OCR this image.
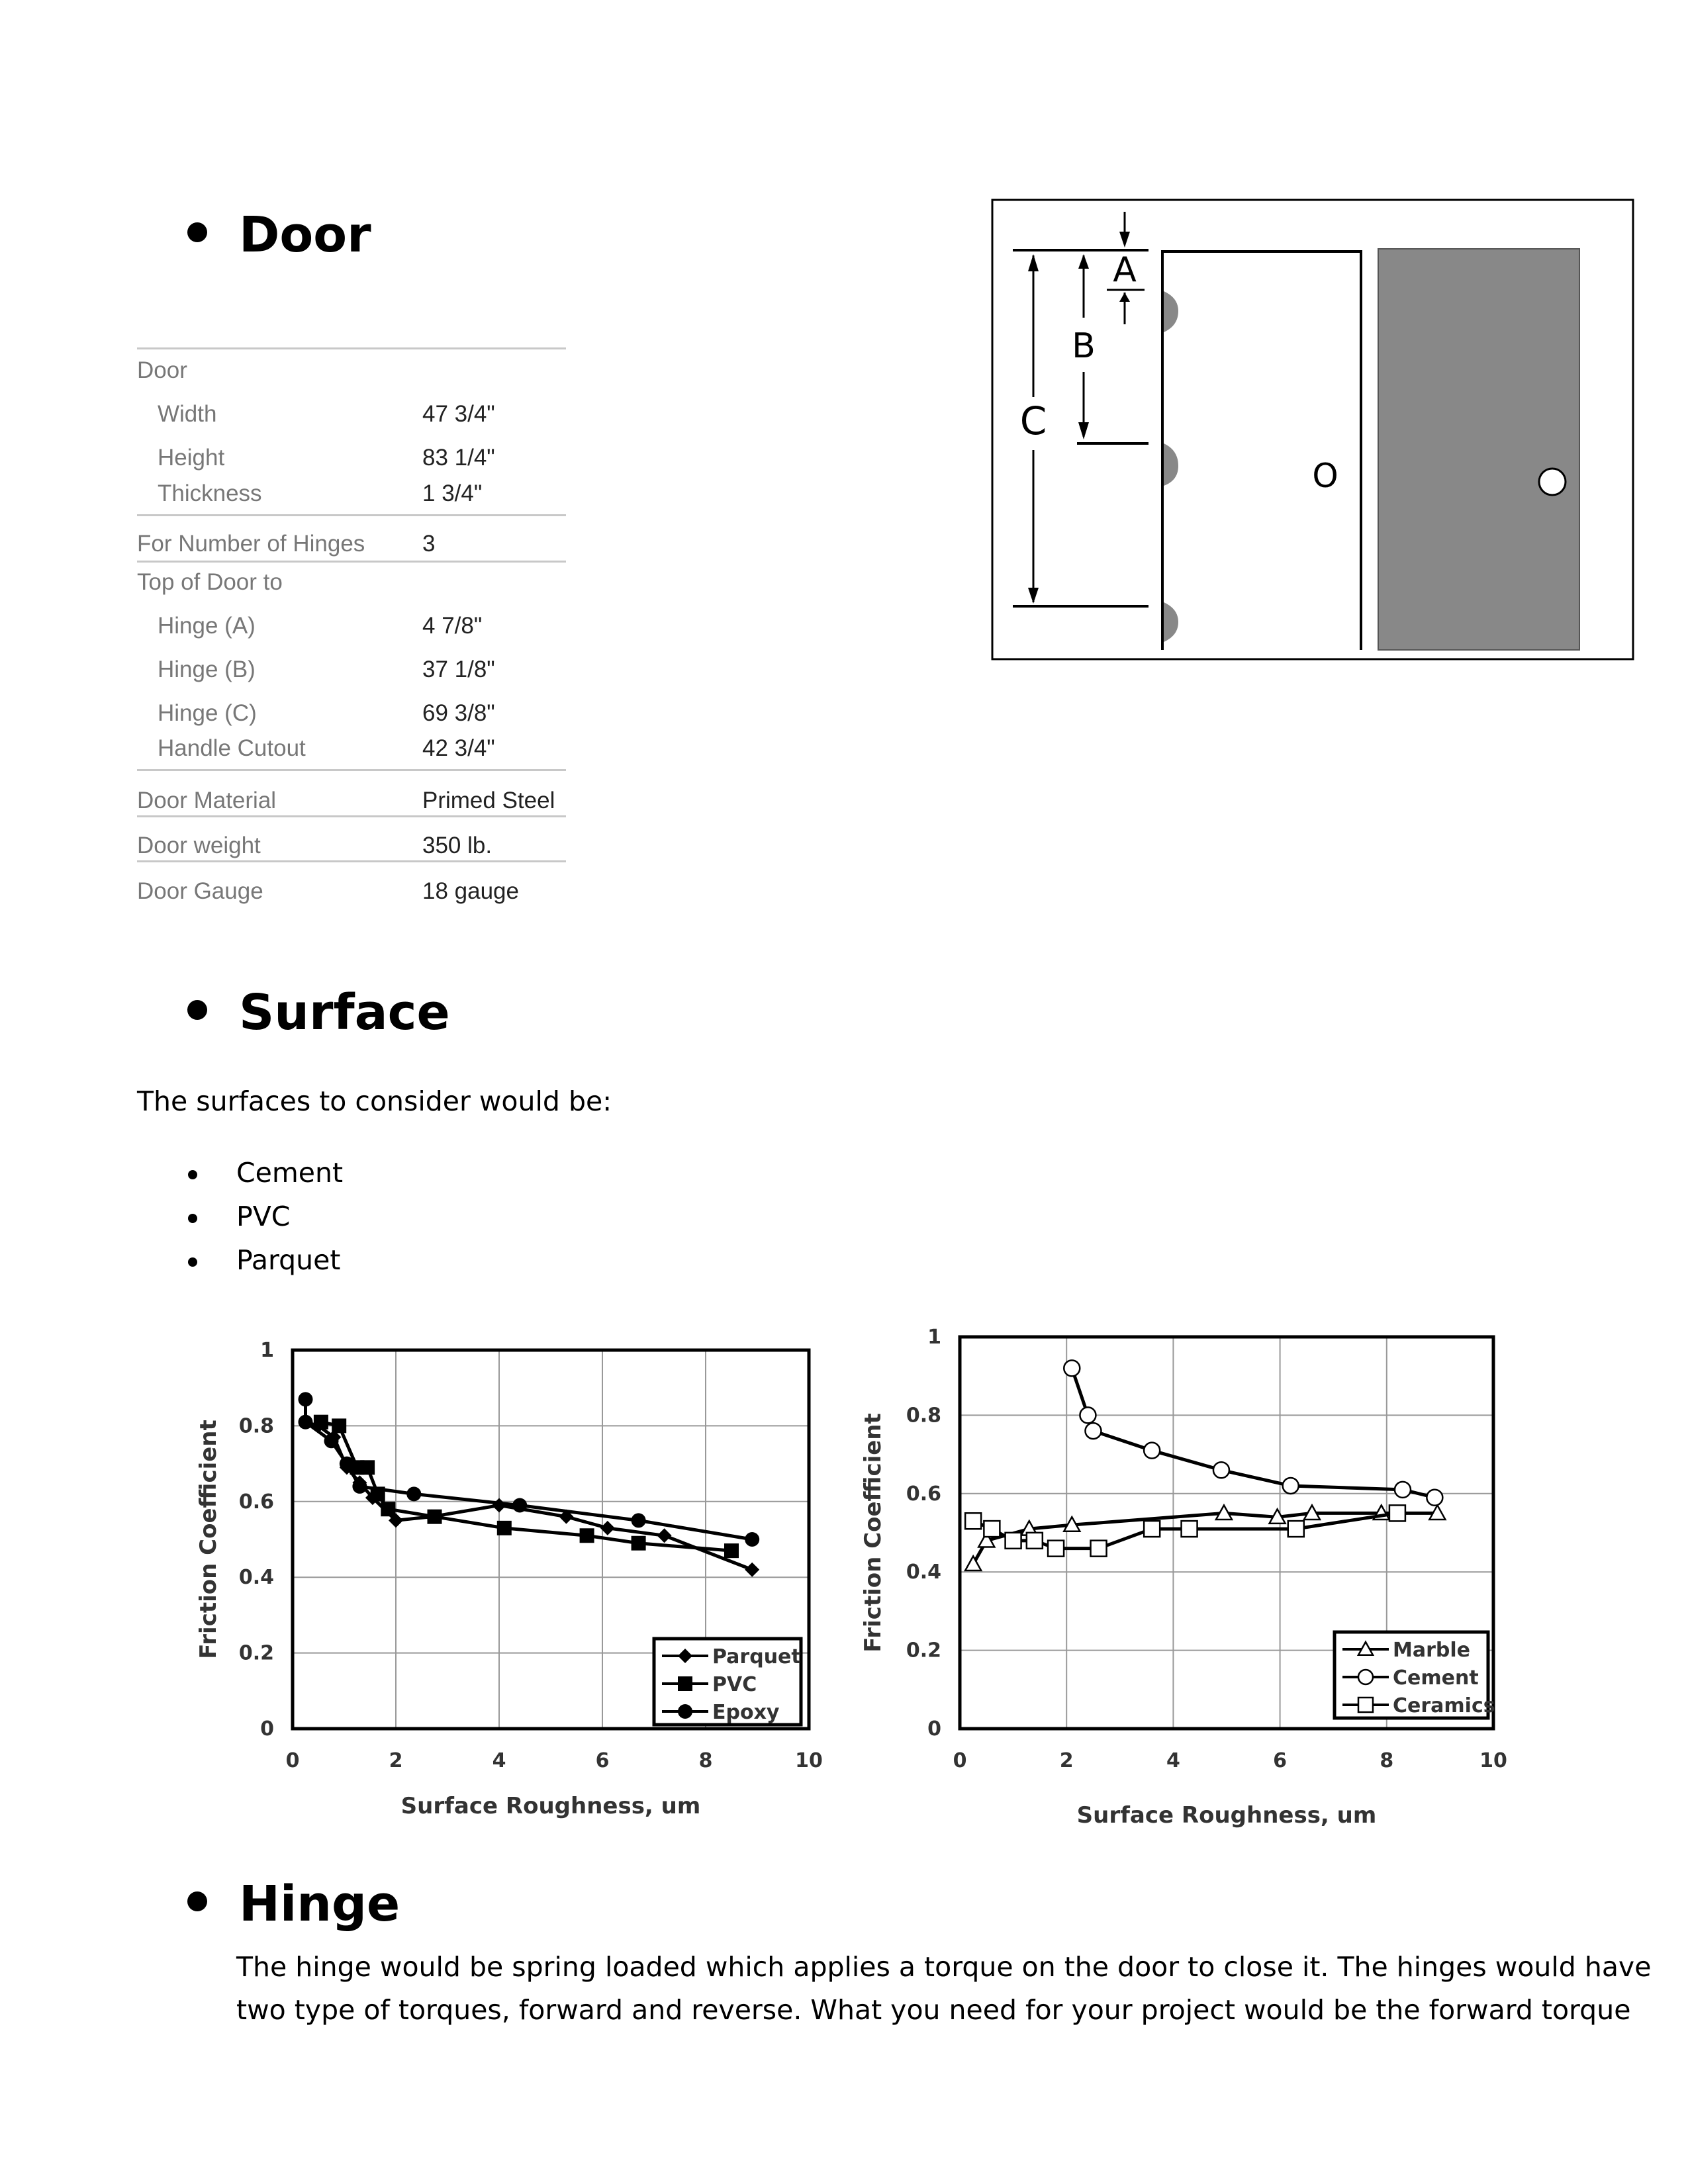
Door
Door
Width	47 3/4"
Height	83 1/4"
Thickness	1 3/4"
For Number of Hinges 3
Top of Door to
Hinge (A)	4 7/8"
Hinge (B)	37 1/8"
Hinge (C)	69 3/8"
Handle Cutout	42 3/4"
Door Material	Primed Steel
Door weight	350 lb.
Door Gauge	18 gauge
A
B
C
O
Surface
The surfaces to consider would be:
Cement
PVC
Parquet
0	2	4	6	8	10
0
0.2
0.4
0.6
0.8
1
Surface Roughness, um
Friction Coefficient	Parquet
PVC
Epoxy
0	2	4	6	8	10
0
0.2
0.4
0.6
0.8
1
Surface Roughness, um
Friction Coefficient	Marble
Cement
Ceramics
Hinge
The hinge would be spring loaded which applies a torque on the door to close it. The hinges would have
two type of torques, forward and reverse. What you need for your project would be the forward torque
